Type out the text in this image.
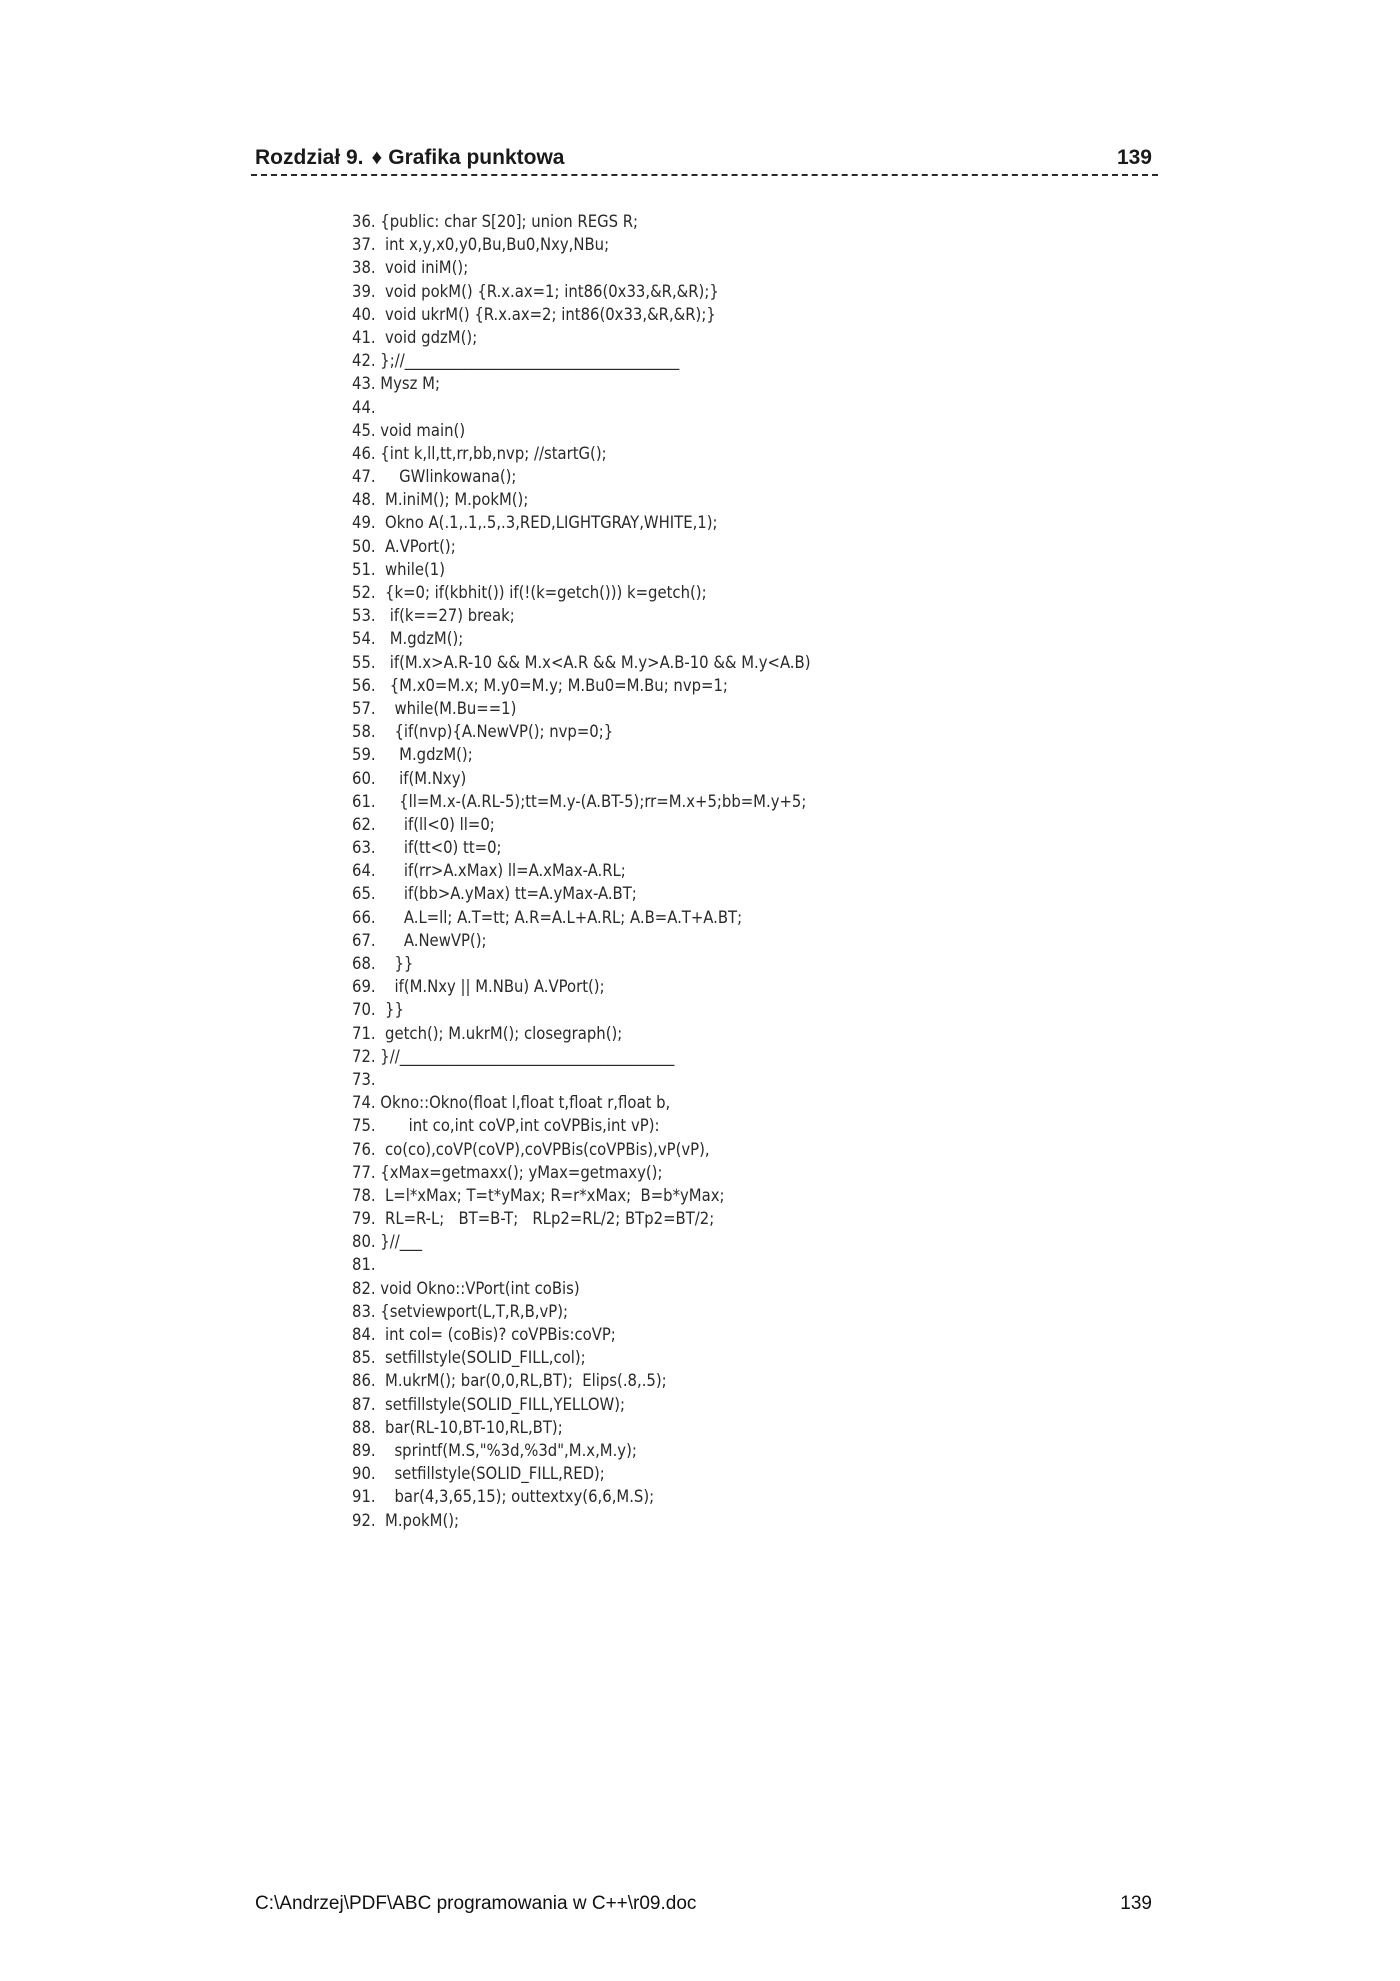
Rozdział 9. ♦ Grafika punktowa	139
36. {public: char S[20]; union REGS R;
37.  int x,y,x0,y0,Bu,Bu0,Nxy,NBu;
38.  void iniM();
39.  void pokM() {R.x.ax=1; int86(0x33,&R,&R);}
40.  void ukrM() {R.x.ax=2; int86(0x33,&R,&R);}
41.  void gdzM();
42. };//_____________________________________
43. Mysz M;
44.
45. void main()
46. {int k,ll,tt,rr,bb,nvp; //startG();
47.     GWlinkowana();
48.  M.iniM(); M.pokM();
49.  Okno A(.1,.1,.5,.3,RED,LIGHTGRAY,WHITE,1);
50.  A.VPort();
51.  while(1)
52.  {k=0; if(kbhit()) if(!(k=getch())) k=getch();
53.   if(k==27) break;
54.   M.gdzM();
55.   if(M.x>A.R-10 && M.x<A.R && M.y>A.B-10 && M.y<A.B)
56.   {M.x0=M.x; M.y0=M.y; M.Bu0=M.Bu; nvp=1;
57.    while(M.Bu==1)
58.    {if(nvp){A.NewVP(); nvp=0;}
59.     M.gdzM();
60.     if(M.Nxy)
61.     {ll=M.x-(A.RL-5);tt=M.y-(A.BT-5);rr=M.x+5;bb=M.y+5;
62.      if(ll<0) ll=0;
63.      if(tt<0) tt=0;
64.      if(rr>A.xMax) ll=A.xMax-A.RL;
65.      if(bb>A.yMax) tt=A.yMax-A.BT;
66.      A.L=ll; A.T=tt; A.R=A.L+A.RL; A.B=A.T+A.BT;
67.      A.NewVP();
68.    }}
69.    if(M.Nxy || M.NBu) A.VPort();
70.  }}
71.  getch(); M.ukrM(); closegraph();
72. }//_____________________________________
73.
74. Okno::Okno(float l,float t,float r,float b,
75.       int co,int coVP,int coVPBis,int vP):
76.  co(co),coVP(coVP),coVPBis(coVPBis),vP(vP),
77. {xMax=getmaxx(); yMax=getmaxy();
78.  L=l*xMax; T=t*yMax; R=r*xMax;  B=b*yMax;
79.  RL=R-L;   BT=B-T;   RLp2=RL/2; BTp2=BT/2;
80. }//___
81.
82. void Okno::VPort(int coBis)
83. {setviewport(L,T,R,B,vP);
84.  int col= (coBis)? coVPBis:coVP;
85.  setfillstyle(SOLID_FILL,col);
86.  M.ukrM(); bar(0,0,RL,BT);  Elips(.8,.5);
87.  setfillstyle(SOLID_FILL,YELLOW);
88.  bar(RL-10,BT-10,RL,BT);
89.    sprintf(M.S,"%3d,%3d",M.x,M.y);
90.    setfillstyle(SOLID_FILL,RED);
91.    bar(4,3,65,15); outtextxy(6,6,M.S);
92.  M.pokM();
C:\Andrzej\PDF\ABC programowania w C++\r09.doc	139
